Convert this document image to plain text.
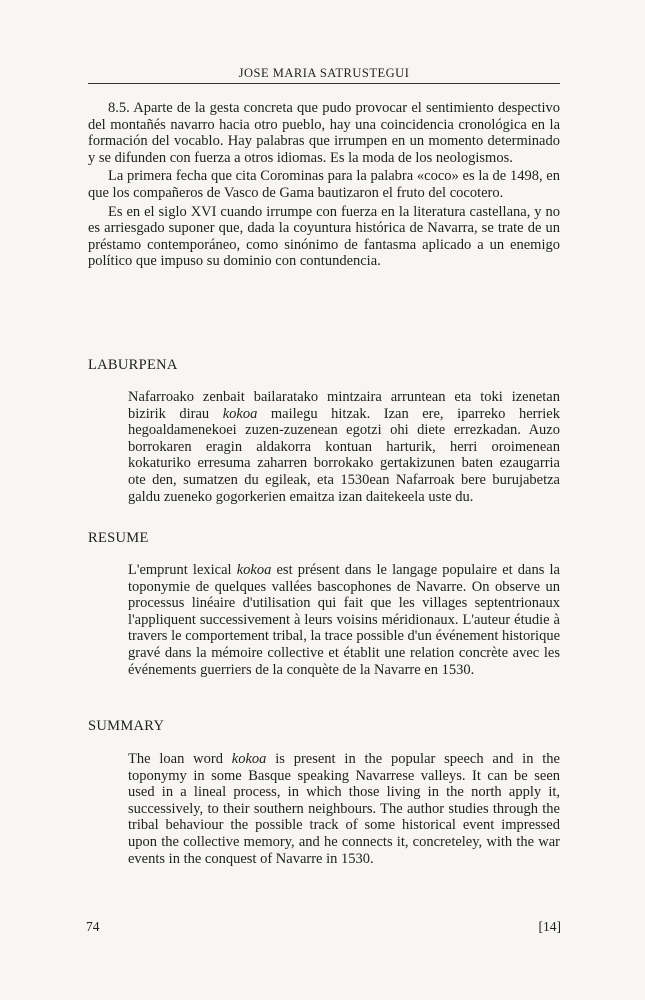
JOSE MARIA SATRUSTEGUI

8.5. Aparte de la gesta concreta que pudo provocar el sentimiento despectivo del montañés navarro hacia otro pueblo, hay una coincidencia cronológica en la formación del vocablo. Hay palabras que irrumpen en un momento determinado y se difunden con fuerza a otros idiomas. Es la moda de los neologismos.

La primera fecha que cita Corominas para la palabra «coco» es la de 1498, en que los compañeros de Vasco de Gama bautizaron el fruto del cocotero.

Es en el siglo XVI cuando irrumpe con fuerza en la literatura castellana, y no es arriesgado suponer que, dada la coyuntura histórica de Navarra, se trate de un préstamo contemporáneo, como sinónimo de fantasma aplicado a un enemigo político que impuso su dominio con contundencia.

LABURPENA

Nafarroako zenbait bailaratako mintzaira arruntean eta toki izenetan bizirik dirau kokoa mailegu hitzak. Izan ere, iparreko herriek hegoaldamenekoei zuzen-zuzenean egotzi ohi diete errezkadan. Auzo borrokaren eragin aldakorra kontuan harturik, herri oroimenean kokaturiko erresuma zaharren borrokako gertakizunen baten ezaugarria ote den, sumatzen du egileak, eta 1530ean Nafarroak bere burujabetza galdu zueneko gogorkerien emaitza izan daitekeela uste du.

RESUME

L'emprunt lexical kokoa est présent dans le langage populaire et dans la toponymie de quelques vallées bascophones de Navarre. On observe un processus linéaire d'utilisation qui fait que les villages septentrionaux l'appliquent successivement à leurs voisins méridionaux. L'auteur étudie à travers le comportement tribal, la trace possible d'un événement historique gravé dans la mémoire collective et établit une relation concrète avec les événements guerriers de la conquète de la Navarre en 1530.

SUMMARY

The loan word kokoa is present in the popular speech and in the toponymy in some Basque speaking Navarrese valleys. It can be seen used in a lineal process, in which those living in the north apply it, successively, to their southern neighbours. The author studies through the tribal behaviour the possible track of some historical event impressed upon the collective memory, and he connects it, concreteley, with the war events in the conquest of Navarre in 1530.

74	[14]
